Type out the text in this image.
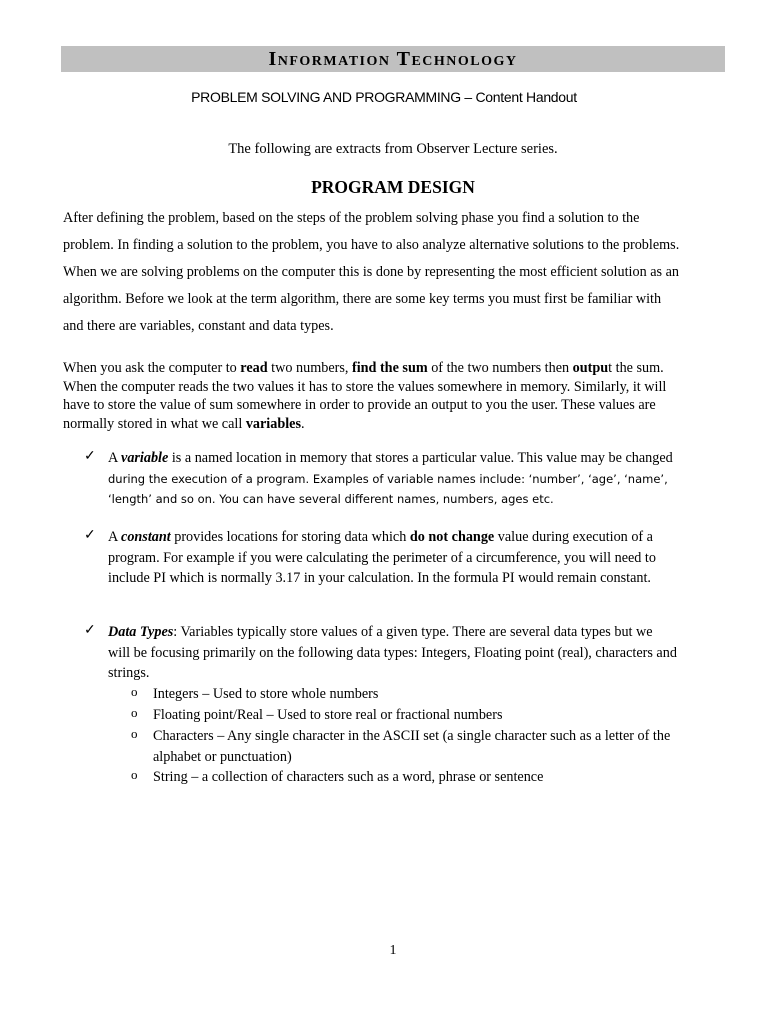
Information Technology
PROBLEM SOLVING AND PROGRAMMING – Content Handout
The following are extracts from Observer Lecture series.
PROGRAM DESIGN

After defining the problem, based on the steps of the problem solving phase you find a solution to the

problem. In finding a solution to the problem, you have to also analyze alternative solutions to the problems.

When we are solving problems on the computer this is done by representing the most efficient solution as an

algorithm. Before we look at the term algorithm, there are some key terms you must first be familiar with

and there are variables, constant and data types.

When you ask the computer to read two numbers, find the sum of the two numbers then output the sum.

When the computer reads the two values it has to store the values somewhere in memory. Similarly, it will

have to store the value of sum somewhere in order to provide an output to you the user. These values are

normally stored in what we call variables.

✓ A variable is a named location in memory that stores a particular value. This value may be changed

during the execution of a program. Examples of variable names include: ‘number’, ‘age’, ‘name’,

‘length’ and so on. You can have several different names, numbers, ages etc.

✓ A constant provides locations for storing data which do not change value during execution of a

program. For example if you were calculating the perimeter of a circumference, you will need to

include PI which is normally 3.17 in your calculation. In the formula PI would remain constant.

✓ Data Types: Variables typically store values of a given type. There are several data types but we

will be focusing primarily on the following data types: Integers, Floating point (real), characters and

strings.

o Integers – Used to store whole numbers

o Floating point/Real – Used to store real or fractional numbers

o Characters – Any single character in the ASCII set (a single character such as a letter of the

alphabet or punctuation)

o String – a collection of characters such as a word, phrase or sentence

1
